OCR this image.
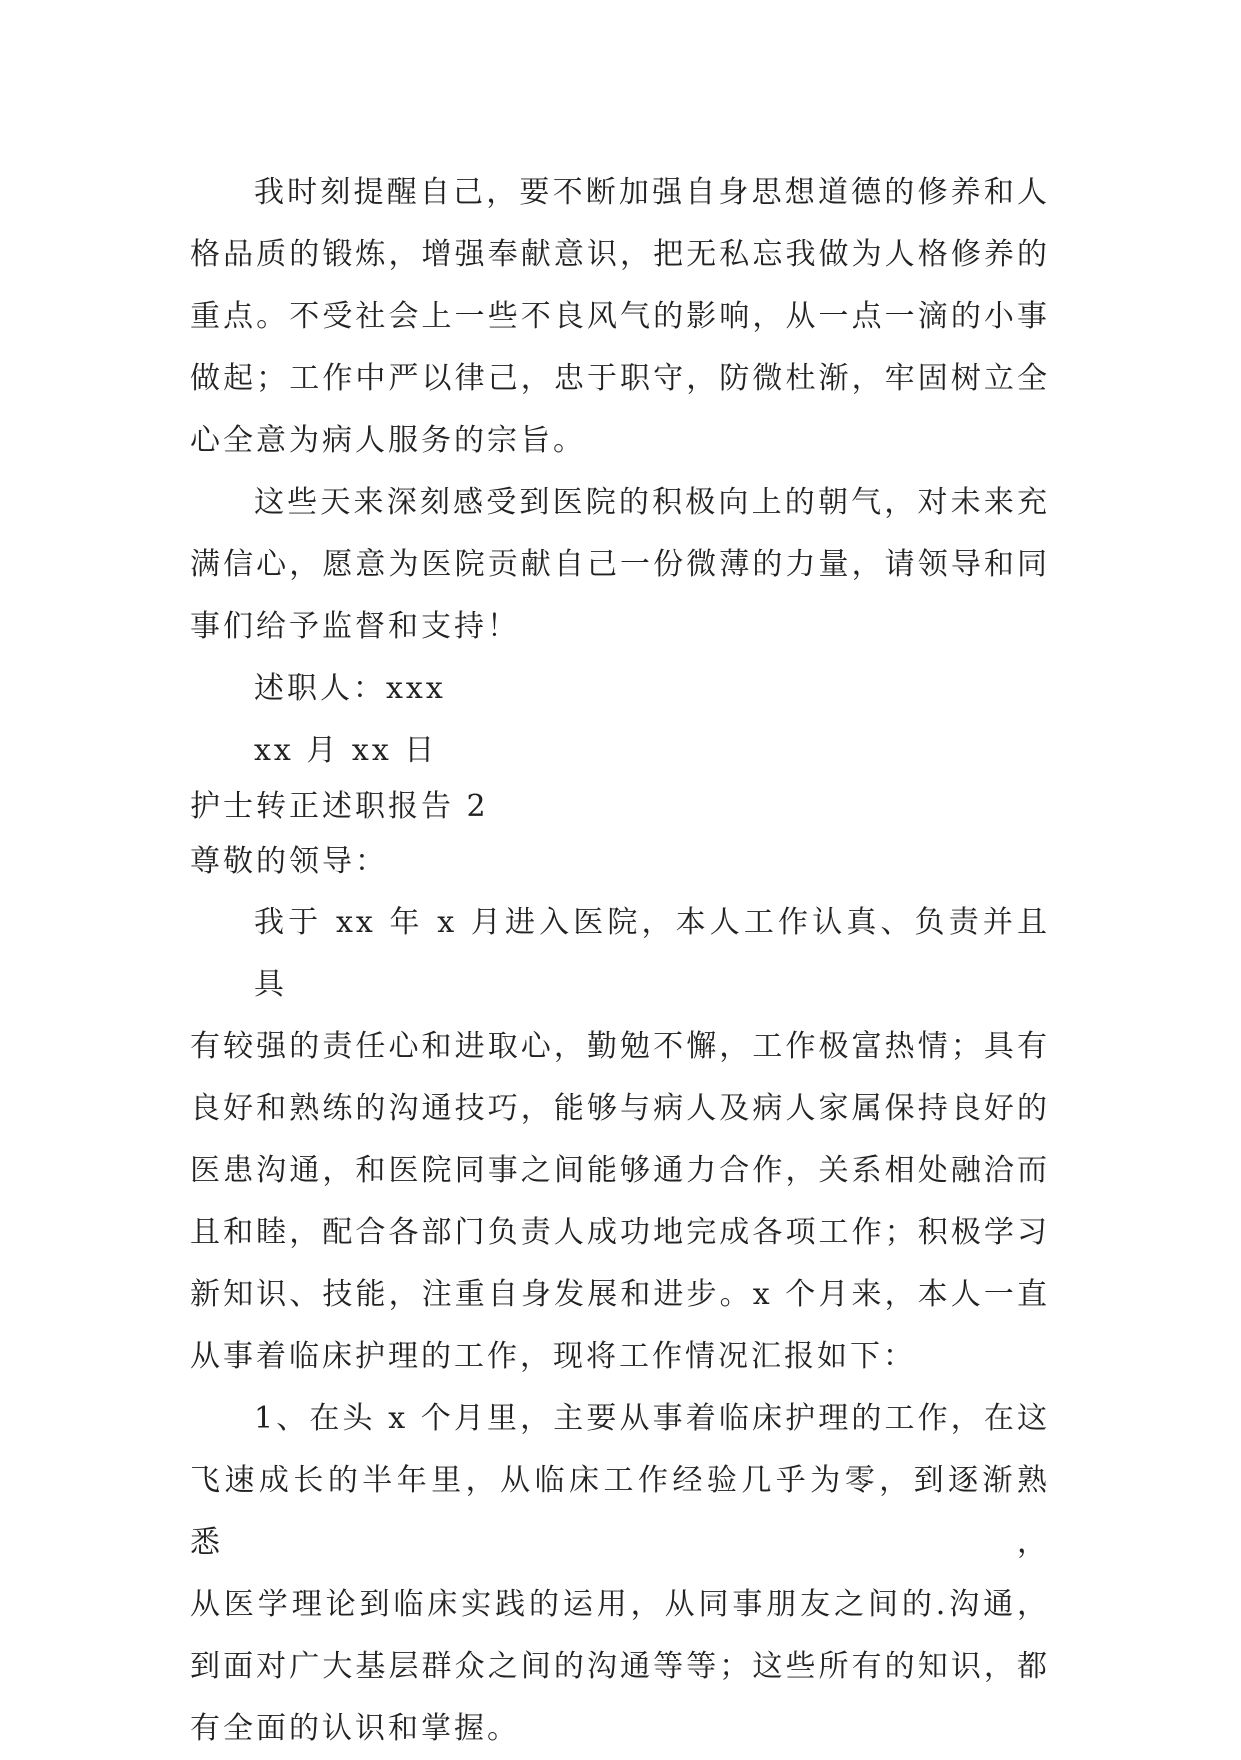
我时刻提醒自己，要不断加强自身思想道德的修养和人
格品质的锻炼，增强奉献意识，把无私忘我做为人格修养的
重点。不受社会上一些不良风气的影响，从一点一滴的小事
做起；工作中严以律己，忠于职守，防微杜渐，牢固树立全
心全意为病人服务的宗旨。
这些天来深刻感受到医院的积极向上的朝气，对未来充
满信心，愿意为医院贡献自己一份微薄的力量，请领导和同
事们给予监督和支持！

述职人：xxx

xx 月 xx 日

护士转正述职报告 2

尊敬的领导：

我于 xx 年 x 月进入医院，本人工作认真、负责并且具
有较强的责任心和进取心，勤勉不懈，工作极富热情；具有
良好和熟练的沟通技巧，能够与病人及病人家属保持良好的
医患沟通，和医院同事之间能够通力合作，关系相处融洽而
且和睦，配合各部门负责人成功地完成各项工作；积极学习
新知识、技能，注重自身发展和进步。x 个月来，本人一直
从事着临床护理的工作，现将工作情况汇报如下：
1、在头 x 个月里，主要从事着临床护理的工作，在这
飞速成长的半年里，从临床工作经验几乎为零，到逐渐熟悉，
从医学理论到临床实践的运用，从同事朋友之间的.沟通，
到面对广大基层群众之间的沟通等等；这些所有的知识，都
有全面的认识和掌握。
